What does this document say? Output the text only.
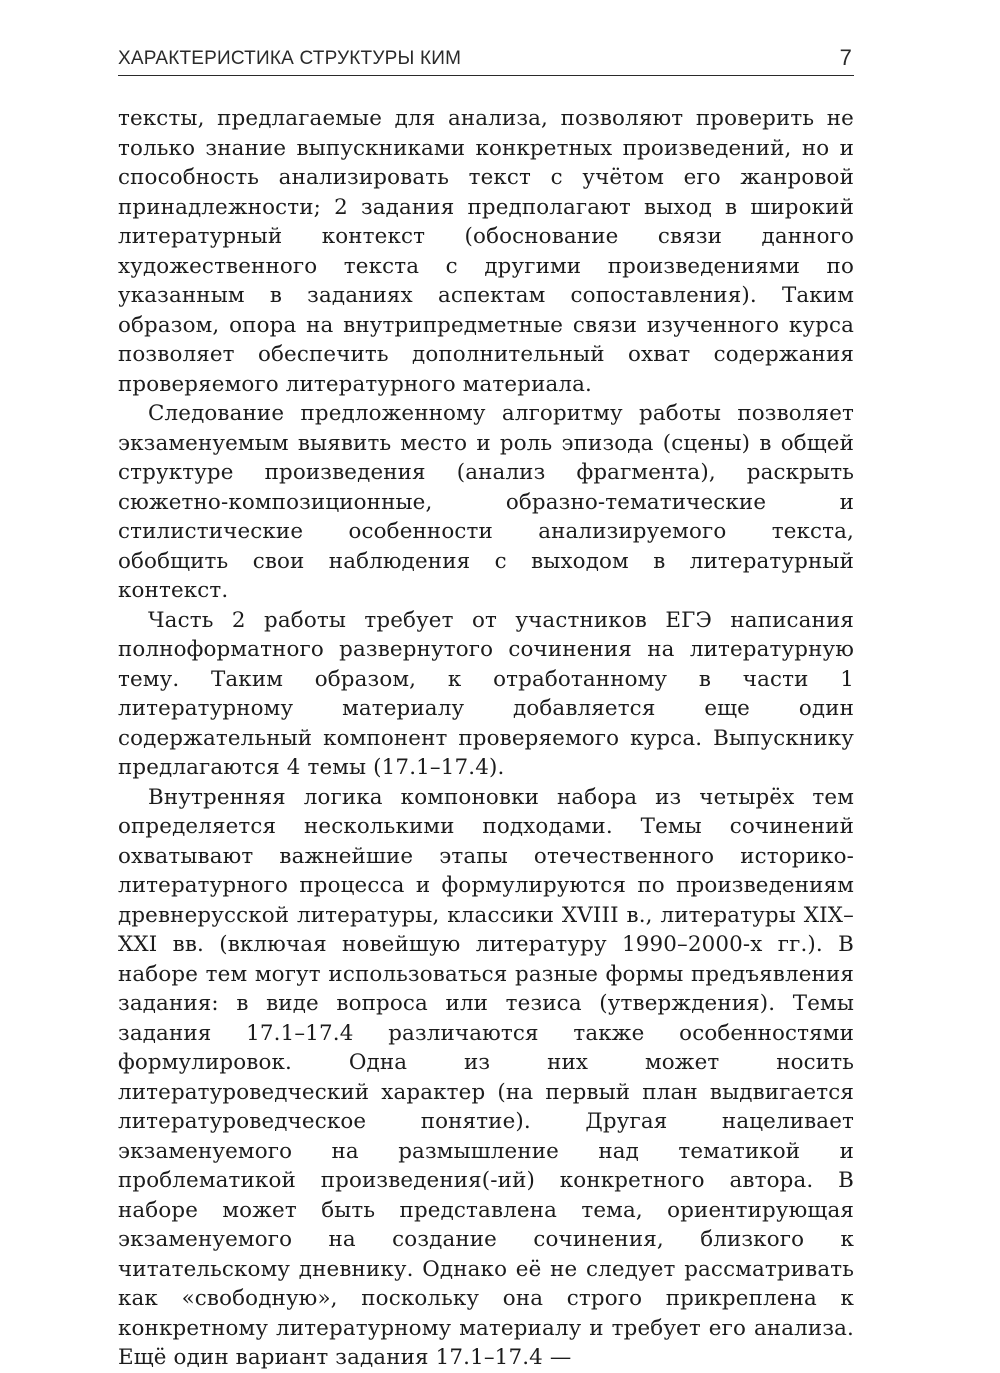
ХАРАКТЕРИСТИКА СТРУКТУРЫ КИМ	7

тексты, предлагаемые для анализа, позволяют проверить не только знание выпускниками конкретных произведений, но и способность анализировать текст с учётом его жанровой принадлежности; 2 задания предполагают выход в широкий литературный контекст (обоснование связи данного художественного текста с другими произведениями по указанным в заданиях аспектам сопоставления). Таким образом, опора на внутрипредметные связи изученного курса позволяет обеспечить дополнительный охват содержания проверяемого литературного материала.

Следование предложенному алгоритму работы позволяет экзаменуемым выявить место и роль эпизода (сцены) в общей структуре произведения (анализ фрагмента), раскрыть сюжетно-композиционные, образно-тематические и стилистические особенности анализируемого текста, обобщить свои наблюдения с выходом в литературный контекст.

Часть 2 работы требует от участников ЕГЭ написания полноформатного развернутого сочинения на литературную тему. Таким образом, к отработанному в части 1 литературному материалу добавляется еще один содержательный компонент проверяемого курса. Выпускнику предлагаются 4 темы (17.1–17.4).

Внутренняя логика компоновки набора из четырёх тем определяется несколькими подходами. Темы сочинений охватывают важнейшие этапы отечественного историко-литературного процесса и формулируются по произведениям древнерусской литературы, классики XVIII в., литературы XIX–XXI вв. (включая новейшую литературу 1990–2000-х гг.). В наборе тем могут использоваться разные формы предъявления задания: в виде вопроса или тезиса (утверждения). Темы задания 17.1–17.4 различаются также особенностями формулировок. Одна из них может носить литературоведческий характер (на первый план выдвигается литературоведческое понятие). Другая нацеливает экзаменуемого на размышление над тематикой и проблематикой произведения(-ий) конкретного автора. В наборе может быть представлена тема, ориентирующая экзаменуемого на создание сочинения, близкого к читательскому дневнику. Однако её не следует рассматривать как «свободную», поскольку она строго прикреплена к конкретному литературному материалу и требует его анализа. Ещё один вариант задания 17.1–17.4 —
